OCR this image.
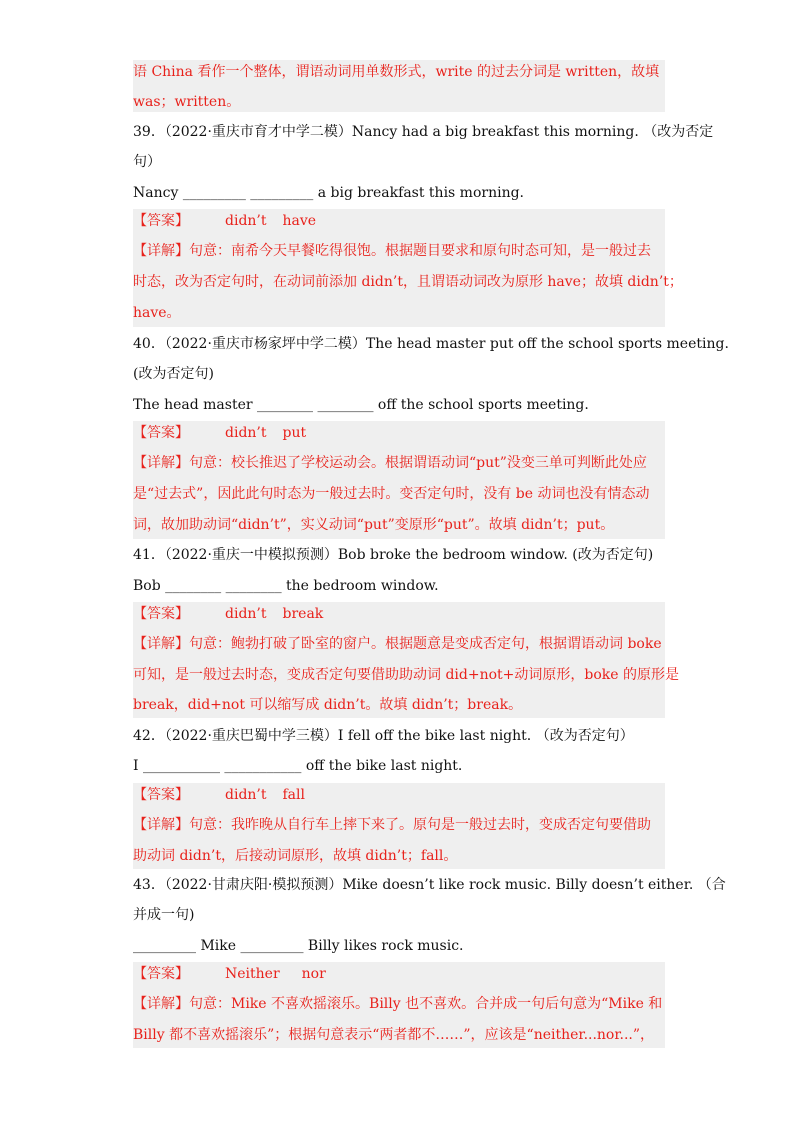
语 China 看作一个整体，谓语动词用单数形式，write 的过去分词是 written，故填
was；written。
39．（2022·重庆市育才中学二模）Nancy had a big breakfast this morning. （改为否定
句）
Nancy _________ _________ a big breakfast this morning.
【答案】	didn’t have
【详解】句意：南希今天早餐吃得很饱。根据题目要求和原句时态可知，是一般过去
时态，改为否定句时，在动词前添加 didn’t，且谓语动词改为原形 have；故填 didn’t；
have。
40．（2022·重庆市杨家坪中学二模）The head master put off the school sports meeting.
(改为否定句)
The head master ________ ________ off the school sports meeting.
【答案】	didn’t put
【详解】句意：校长推迟了学校运动会。根据谓语动词“put”没变三单可判断此处应
是“过去式”，因此此句时态为一般过去时。变否定句时，没有 be 动词也没有情态动
词，故加助动词“didn’t”，实义动词“put”变原形“put”。故填 didn’t；put。
41．（2022·重庆一中模拟预测）Bob broke the bedroom window. (改为否定句)
Bob ________ ________ the bedroom window.
【答案】	didn’t break
【详解】句意：鲍勃打破了卧室的窗户。根据题意是变成否定句，根据谓语动词 boke
可知，是一般过去时态，变成否定句要借助助动词 did+not+动词原形，boke 的原形是
break，did+not 可以缩写成 didn’t。故填 didn’t；break。
42．（2022·重庆巴蜀中学三模）I fell off the bike last night. （改为否定句）
I ___________ ___________ off the bike last night.
【答案】	didn’t fall
【详解】句意：我昨晚从自行车上摔下来了。原句是一般过去时，变成否定句要借助
助动词 didn’t，后接动词原形，故填 didn’t；fall。
43．（2022·甘肃庆阳·模拟预测）Mike doesn’t like rock music. Billy doesn’t either. （合
并成一句)
_________ Mike _________ Billy likes rock music.
【答案】	Neither nor
【详解】句意：Mike 不喜欢摇滚乐。Billy 也不喜欢。合并成一句后句意为“Mike 和
Billy 都不喜欢摇滚乐”；根据句意表示“两者都不……”，应该是“neither...nor...”，
